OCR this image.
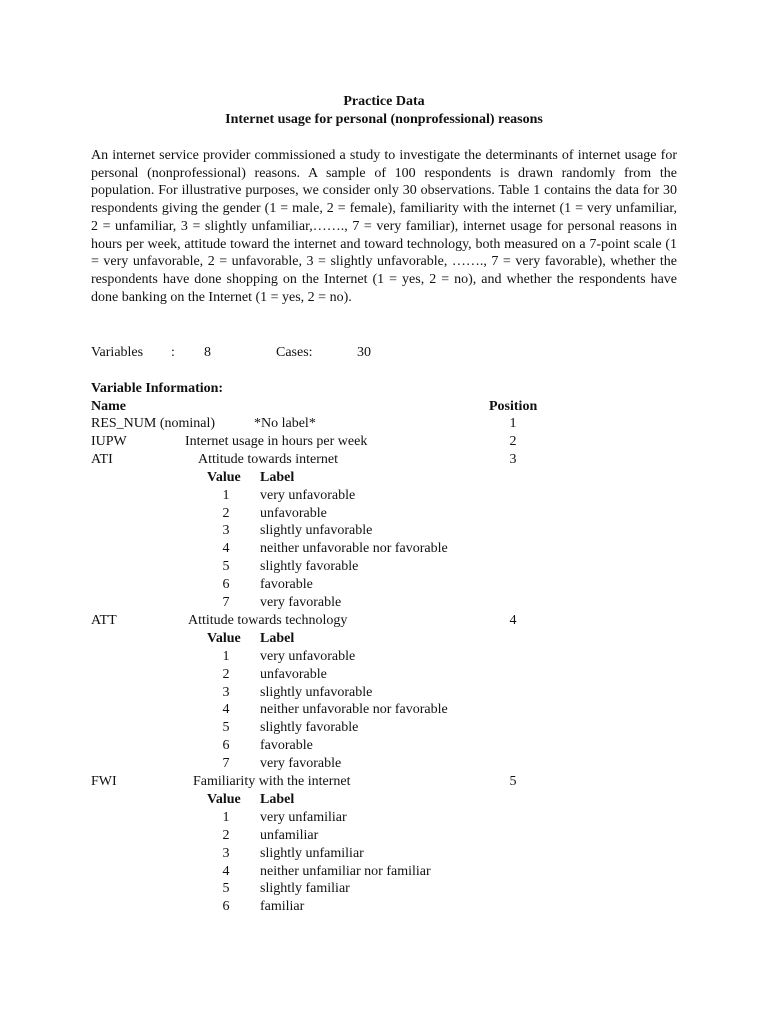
Practice Data
Internet usage for personal (nonprofessional) reasons
An internet service provider commissioned a study to investigate the determinants of internet usage for personal (nonprofessional) reasons. A sample of 100 respondents is drawn randomly from the population. For illustrative purposes, we consider only 30 observations. Table 1 contains the data for 30 respondents giving the gender (1 = male, 2 = female), familiarity with the internet (1 = very unfamiliar, 2 = unfamiliar, 3 = slightly unfamiliar,……., 7 = very familiar), internet usage for personal reasons in hours per week, attitude toward the internet and toward technology, both measured on a 7-point scale (1 = very unfavorable, 2 = unfavorable, 3 = slightly unfavorable, ……., 7 = very favorable), whether the respondents have done shopping on the Internet (1 = yes, 2 = no), and whether the respondents have done banking on the Internet (1 = yes, 2 = no).
Variables : 8	Cases:	30
Variable Information:
Name	Position
RES_NUM (nominal)	*No label*	1
IUPW	Internet usage in hours per week	2
ATI	Attitude towards internet	3
Value Label
1	very unfavorable
2	unfavorable
3	slightly unfavorable
4	neither unfavorable nor favorable
5	slightly favorable
6	favorable
7	very favorable
ATT	Attitude towards technology	4
Value Label
1	very unfavorable
2	unfavorable
3	slightly unfavorable
4	neither unfavorable nor favorable
5	slightly favorable
6	favorable
7	very favorable
FWI	Familiarity with the internet	5
Value Label
1	very unfamiliar
2	unfamiliar
3	slightly unfamiliar
4	neither unfamiliar nor familiar
5	slightly familiar
6	familiar
